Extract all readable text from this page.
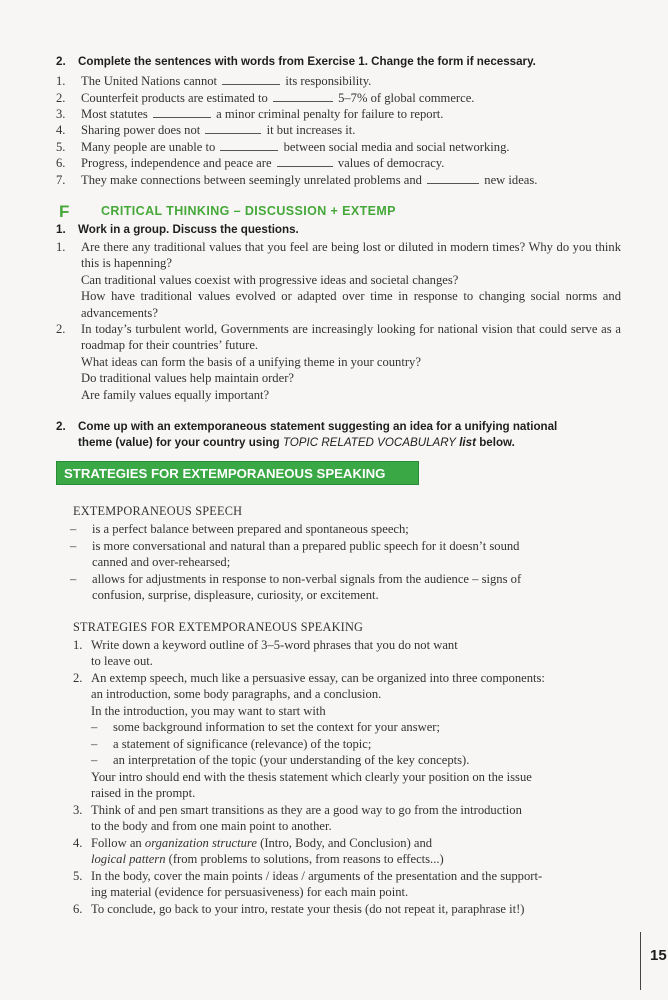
2. Complete the sentences with words from Exercise 1. Change the form if necessary.
1.	The United Nations cannot	its responsibility.
2.	Counterfeit products are estimated to	5–7% of global commerce.
3.	Most statutes	a minor criminal penalty for failure to report.
4.	Sharing power does not	it but increases it.
5.	Many people are unable to	between social media and social networking.
6.	Progress, independence and peace are	values of democracy.
7.	They make connections between seemingly unrelated problems and	new ideas.
F	CRITICAL THINKING – DISCUSSION + EXTEMP
1. Work in a group. Discuss the questions.
1. Are there any traditional values that you feel are being lost or diluted in modern times? Why do you think this is hapenning?

Can traditional values coexist with progressive ideas and societal changes?

How have traditional values evolved or adapted over time in response to changing social norms and advancements?

2. In today’s turbulent world, Governments are increasingly looking for national vision that could serve as a roadmap for their countries’ future.

What ideas can form the basis of a unifying theme in your country?

Do traditional values help maintain order?

Are family values equally important?

2. Come up with an extemporaneous statement suggesting an idea for a unifying national
theme (value) for your country using TOPIC RELATED VOCABULARY list below.
STRATEGIES FOR EXTEMPORANEOUS SPEAKING
EXTEMPORANEOUS SPEECH
– is a perfect balance between prepared and spontaneous speech;
– is more conversational and natural than a prepared public speech for it doesn’t sound
canned and over-rehearsed;
– allows for adjustments in response to non-verbal signals from the audience – signs of
confusion, surprise, displeasure, curiosity, or excitement.
STRATEGIES FOR EXTEMPORANEOUS SPEAKING
1. Write down a keyword outline of 3–5-word phrases that you do not want
to leave out.
2. An extemp speech, much like a persuasive essay, can be organized into three components:
an introduction, some body paragraphs, and a conclusion.
In the introduction, you may want to start with
– some background information to set the context for your answer;
– a statement of significance (relevance) of the topic;
– an interpretation of the topic (your understanding of the key concepts).
Your intro should end with the thesis statement which clearly your position on the issue
raised in the prompt.
3. Think of and pen smart transitions as they are a good way to go from the introduction
to the body and from one main point to another.
4. Follow an organization structure (Intro, Body, and Conclusion) and
logical pattern (from problems to solutions, from reasons to effects...)
5. In the body, cover the main points / ideas / arguments of the presentation and the support-
ing material (evidence for persuasiveness) for each main point.
6. To conclude, go back to your intro, restate your thesis (do not repeat it, paraphrase it!)
15
